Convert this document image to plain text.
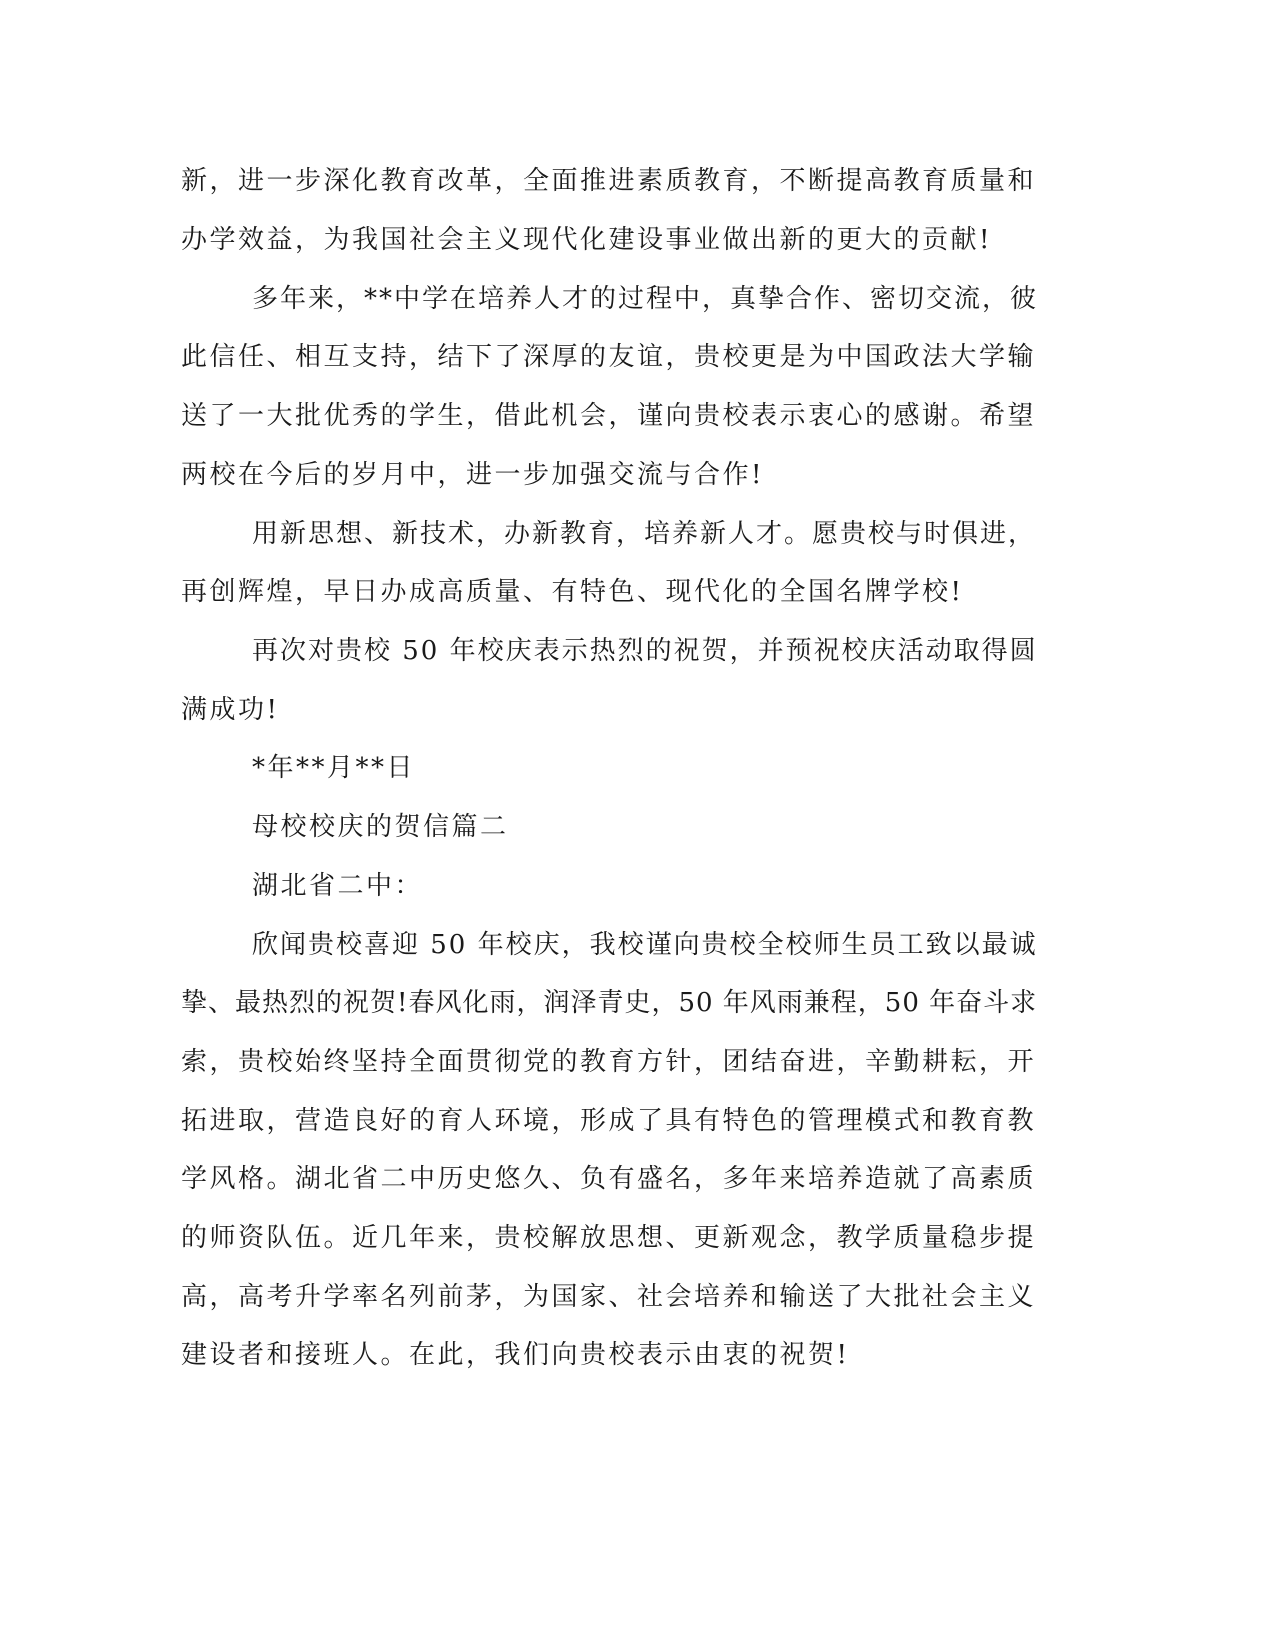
新，进一步深化教育改革，全面推进素质教育，不断提高教育质量和
办学效益，为我国社会主义现代化建设事业做出新的更大的贡献!
多年来，**中学在培养人才的过程中，真挚合作、密切交流，彼
此信任、相互支持，结下了深厚的友谊，贵校更是为中国政法大学输
送了一大批优秀的学生，借此机会，谨向贵校表示衷心的感谢。希望
两校在今后的岁月中，进一步加强交流与合作!
用新思想、新技术，办新教育，培养新人才。愿贵校与时俱进，
再创辉煌，早日办成高质量、有特色、现代化的全国名牌学校!
再次对贵校 50 年校庆表示热烈的祝贺，并预祝校庆活动取得圆
满成功!
*年**月**日
母校校庆的贺信篇二
湖北省二中：
欣闻贵校喜迎 50 年校庆，我校谨向贵校全校师生员工致以最诚
挚、最热烈的祝贺!春风化雨，润泽青史，50 年风雨兼程，50 年奋斗求
索，贵校始终坚持全面贯彻党的教育方针，团结奋进，辛勤耕耘，开
拓进取，营造良好的育人环境，形成了具有特色的管理模式和教育教
学风格。湖北省二中历史悠久、负有盛名，多年来培养造就了高素质
的师资队伍。近几年来，贵校解放思想、更新观念，教学质量稳步提
高，高考升学率名列前茅，为国家、社会培养和输送了大批社会主义
建设者和接班人。在此，我们向贵校表示由衷的祝贺!
